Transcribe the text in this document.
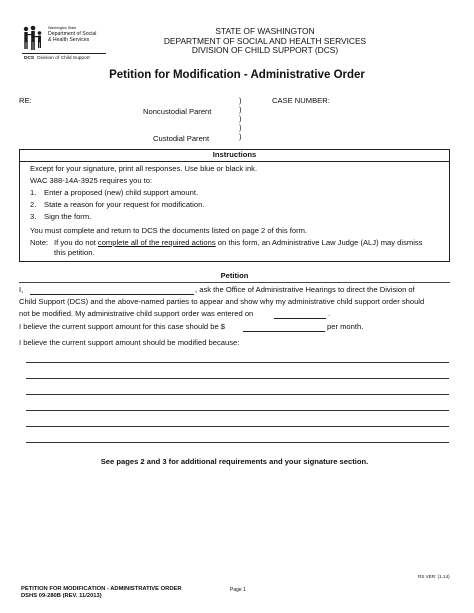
Washington State
Department of Social
& Health Services
DCS Division of Child Support
STATE OF WASHINGTON
DEPARTMENT OF SOCIAL AND HEALTH SERVICES
DIVISION OF CHILD SUPPORT (DCS)
Petition for Modification - Administrative Order
RE:	CASE NUMBER:
Noncustodial Parent
Custodial Parent
)
)
)
)
)
Instructions
Except for your signature, print all responses. Use blue or black ink.
WAC 388-14A-3925 requires you to:
1. Enter a proposed (new) child support amount.
2. State a reason for your request for modification.
3. Sign the form.
You must complete and return to DCS the documents listed on page 2 of this form.
Note: If you do not complete all of the required actions on this form, an Administrative Law Judge (ALJ) may dismiss
this petition.
Petition
I,	, ask the Office of Administrative Hearings to direct the Division of
Child Support (DCS) and the above-named parties to appear and show why my administrative child support order should
not be modified. My administrative child support order was entered on	.
I believe the current support amount for this case should be $	per month.
I believe the current support amount should be modified because:
See pages 2 and 3 for additional requirements and your signature section.
RS VER: (1.14)
PETITION FOR MODIFICATION - ADMINISTRATIVE ORDER
DSHS 09-280B (REV. 11/2013)
Page 1
